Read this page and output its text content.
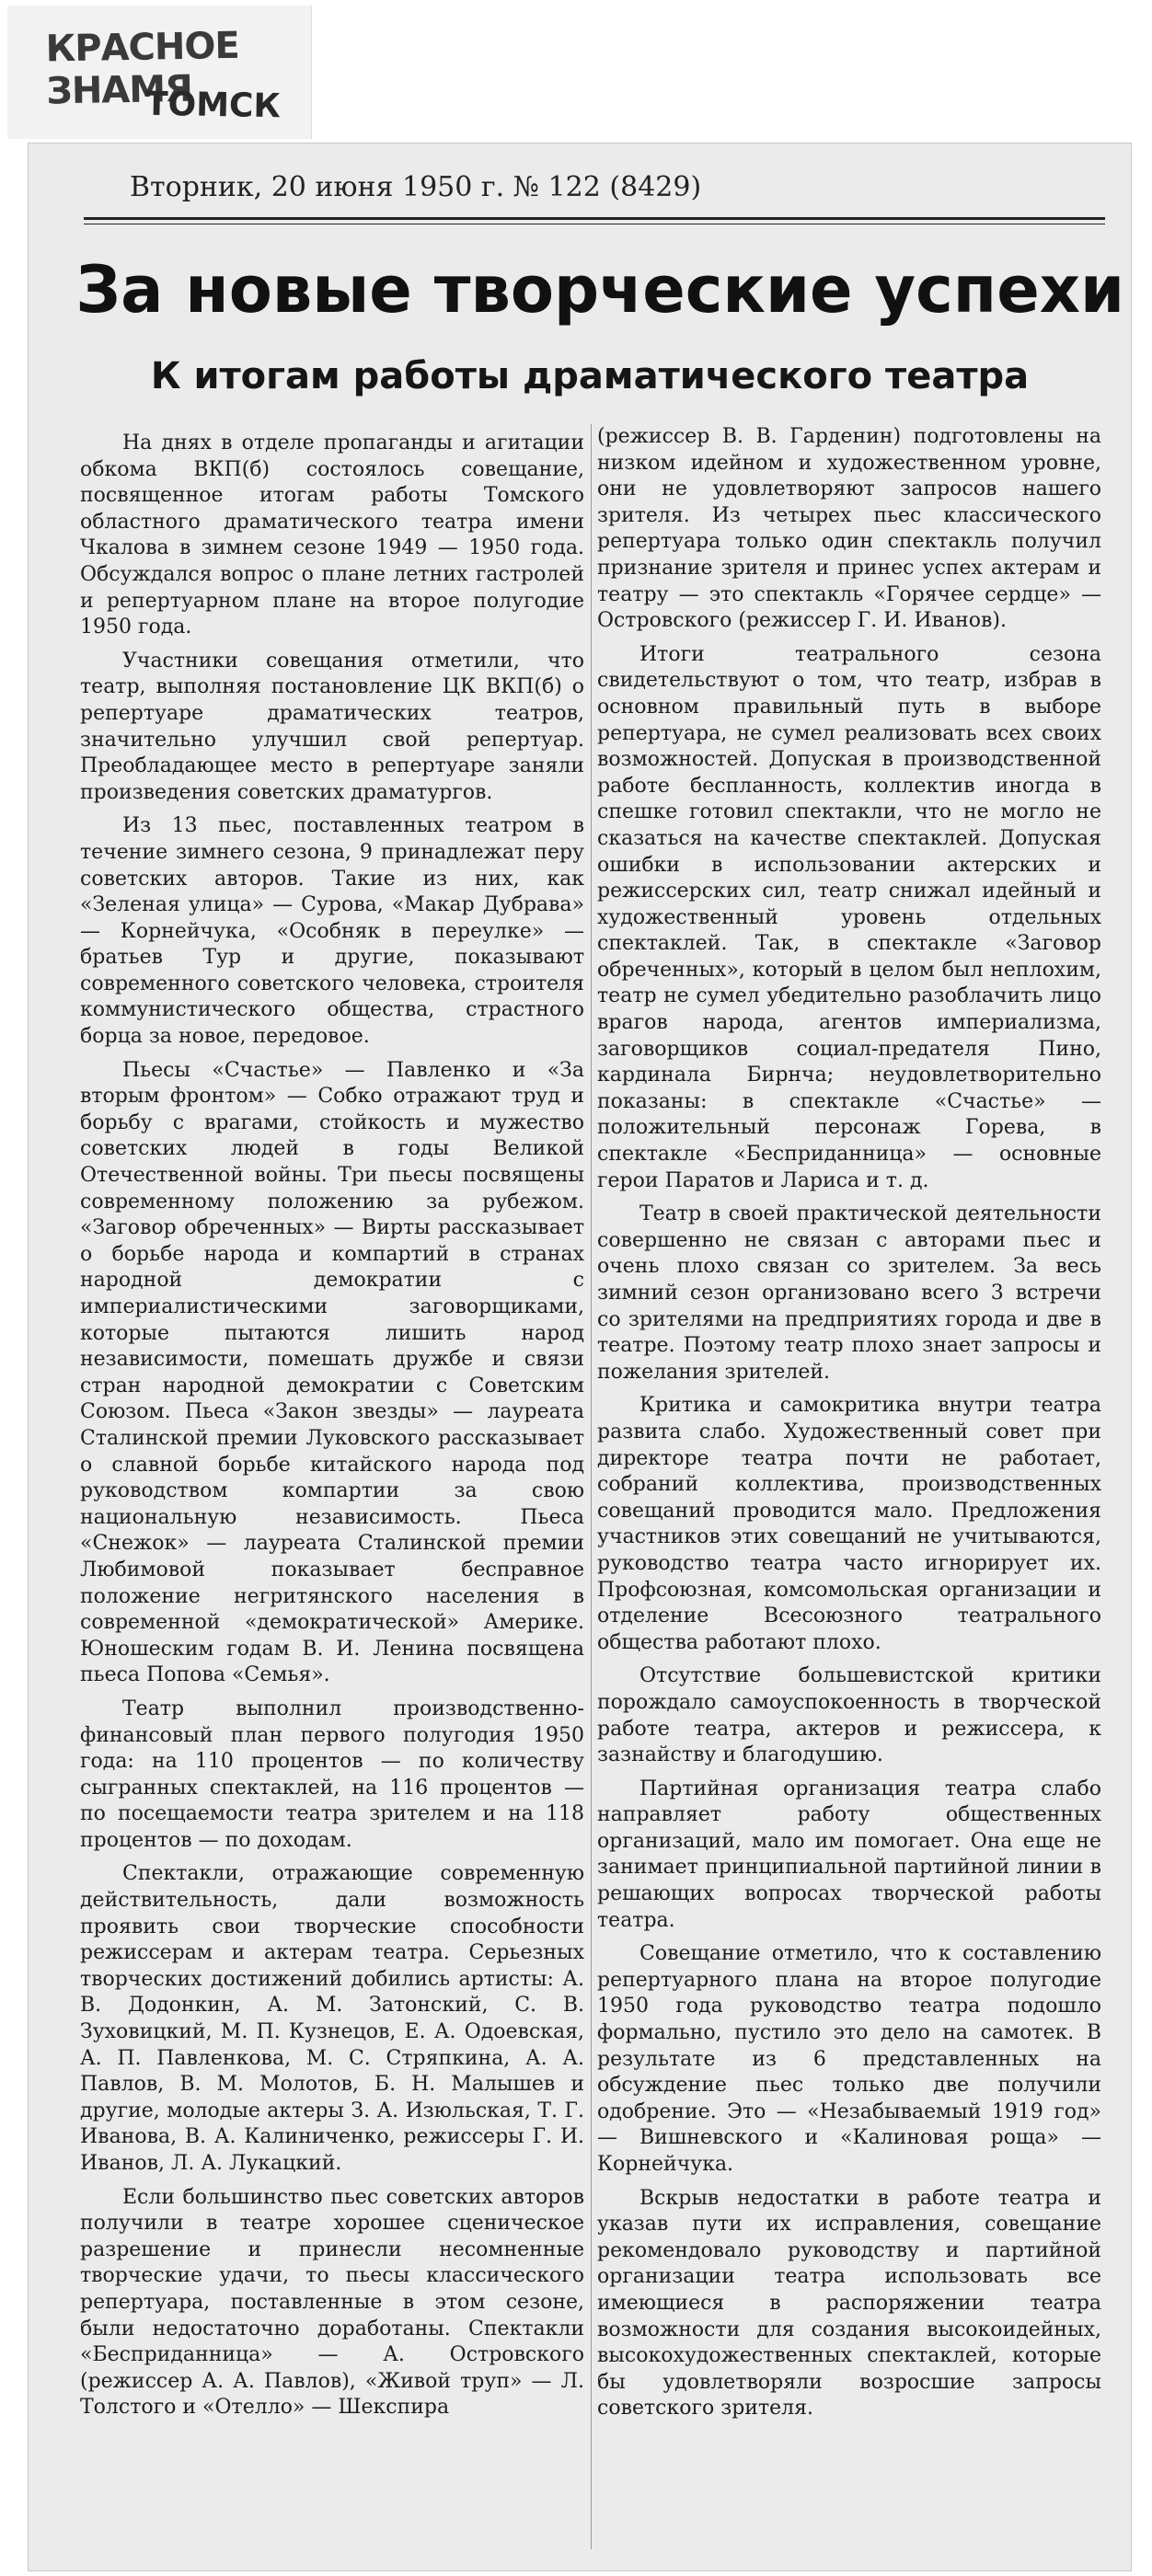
КРАСНОЕ ЗНАМЯ
ТОМСК
Вторник, 20 июня 1950 г. № 122 (8429)
За новые творческие успехи
К итогам работы драматического театра

На днях в отделе пропаганды и агитации обкома ВКП(б) состоялось совещание, посвященное итогам работы Томского областного драматического театра имени Чкалова в зимнем сезоне 1949 — 1950 года. Обсуждался вопрос о плане летних гастролей и репертуарном плане на второе полугодие 1950 года.

Участники совещания отметили, что театр, выполняя постановление ЦК ВКП(б) о репертуаре драматических театров, значительно улучшил свой репертуар. Преобладающее место в репертуаре заняли произведения советских драматургов.

Из 13 пьес, поставленных театром в течение зимнего сезона, 9 принадлежат перу советских авторов. Такие из них, как «Зеленая улица» — Сурова, «Макар Дубрава» — Корнейчука, «Особняк в переулке» — братьев Тур и другие, показывают современного советского человека, строителя коммунистического общества, страстного борца за новое, передовое.

Пьесы «Счастье» — Павленко и «За вторым фронтом» — Собко отражают труд и борьбу с врагами, стойкость и мужество советских людей в годы Великой Отечественной войны. Три пьесы посвящены современному положению за рубежом. «Заговор обреченных» — Вирты рассказывает о борьбе народа и компартий в странах народной демократии с империалистическими заговорщиками, которые пытаются лишить народ независимости, помешать дружбе и связи стран народной демократии с Советским Союзом. Пьеса «Закон звезды» — лауреата Сталинской премии Луковского рассказывает о славной борьбе китайского народа под руководством компартии за свою национальную независимость. Пьеса «Снежок» — лауреата Сталинской премии Любимовой показывает бесправное положение негритянского населения в современной «демократической» Америке. Юношеским годам В. И. Ленина посвящена пьеса Попова «Семья».

Театр выполнил производственно-финансовый план первого полугодия 1950 года: на 110 процентов — по количеству сыгранных спектаклей, на 116 процентов — по посещаемости театра зрителем и на 118 процентов — по доходам.

Спектакли, отражающие современную действительность, дали возможность проявить свои творческие способности режиссерам и актерам театра. Серьезных творческих достижений добились артисты: А. В. Додонкин, А. М. Затонский, С. В. Зуховицкий, М. П. Кузнецов, Е. А. Одоевская, А. П. Павленкова, М. С. Стряпкина, А. А. Павлов, В. М. Молотов, Б. Н. Малышев и другие, молодые актеры З. А. Изюльская, Т. Г. Иванова, В. А. Калиниченко, режиссеры Г. И. Иванов, Л. А. Лукацкий.

Если большинство пьес советских авторов получили в театре хорошее сценическое разрешение и принесли несомненные творческие удачи, то пьесы классического репертуара, поставленные в этом сезоне, были недостаточно доработаны. Спектакли «Бесприданница» — А. Островского (режиссер А. А. Павлов), «Живой труп» — Л. Толстого и «Отелло» — Шекспира

(режиссер В. В. Гарденин) подготовлены на низком идейном и художественном уровне, они не удовлетворяют запросов нашего зрителя. Из четырех пьес классического репертуара только один спектакль получил признание зрителя и принес успех актерам и театру — это спектакль «Горячее сердце» — Островского (режиссер Г. И. Иванов).

Итоги театрального сезона свидетельствуют о том, что театр, избрав в основном правильный путь в выборе репертуара, не сумел реализовать всех своих возможностей. Допуская в производственной работе беспланность, коллектив иногда в спешке готовил спектакли, что не могло не сказаться на качестве спектаклей. Допуская ошибки в использовании актерских и режиссерских сил, театр снижал идейный и художественный уровень отдельных спектаклей. Так, в спектакле «Заговор обреченных», который в целом был неплохим, театр не сумел убедительно разоблачить лицо врагов народа, агентов империализма, заговорщиков социал-предателя Пино, кардинала Бирнча; неудовлетворительно показаны: в спектакле «Счастье» — положительный персонаж Горева, в спектакле «Бесприданница» — основные герои Паратов и Лариса и т. д.

Театр в своей практической деятельности совершенно не связан с авторами пьес и очень плохо связан со зрителем. За весь зимний сезон организовано всего 3 встречи со зрителями на предприятиях города и две в театре. Поэтому театр плохо знает запросы и пожелания зрителей.

Критика и самокритика внутри театра развита слабо. Художественный совет при директоре театра почти не работает, собраний коллектива, производственных совещаний проводится мало. Предложения участников этих совещаний не учитываются, руководство театра часто игнорирует их. Профсоюзная, комсомольская организации и отделение Всесоюзного театрального общества работают плохо.

Отсутствие большевистской критики порождало самоуспокоенность в творческой работе театра, актеров и режиссера, к зазнайству и благодушию.

Партийная организация театра слабо направляет работу общественных организаций, мало им помогает. Она еще не занимает принципиальной партийной линии в решающих вопросах творческой работы театра.

Совещание отметило, что к составлению репертуарного плана на второе полугодие 1950 года руководство театра подошло формально, пустило это дело на самотек. В результате из 6 представленных на обсуждение пьес только две получили одобрение. Это — «Незабываемый 1919 год» — Вишневского и «Калиновая роща» — Корнейчука.

Вскрыв недостатки в работе театра и указав пути их исправления, совещание рекомендовало руководству и партийной организации театра использовать все имеющиеся в распоряжении театра возможности для создания высокоидейных, высокохудожественных спектаклей, которые бы удовлетворяли возросшие запросы советского зрителя.
